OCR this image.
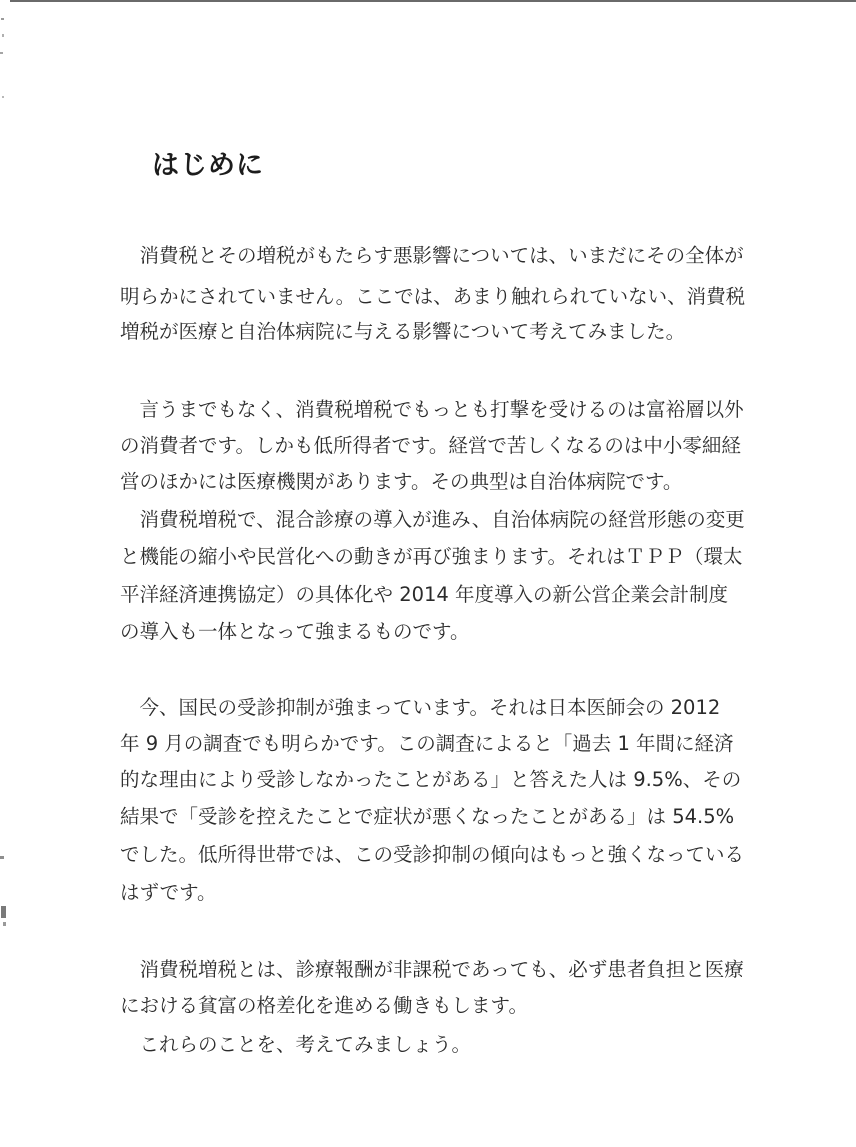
はじめに
　消費税とその増税がもたらす悪影響については、いまだにその全体が
明らかにされていません。ここでは、あまり触れられていない、消費税
増税が医療と自治体病院に与える影響について考えてみました。
　言うまでもなく、消費税増税でもっとも打撃を受けるのは富裕層以外
の消費者です。しかも低所得者です。経営で苦しくなるのは中小零細経
営のほかには医療機関があります。その典型は自治体病院です。
　消費税増税で、混合診療の導入が進み、自治体病院の経営形態の変更
と機能の縮小や民営化への動きが再び強まります。それはＴＰＰ（環太
平洋経済連携協定）の具体化や 2014 年度導入の新公営企業会計制度
の導入も一体となって強まるものです。
　今、国民の受診抑制が強まっています。それは日本医師会の 2012
年 9 月の調査でも明らかです。この調査によると「過去 1 年間に経済
的な理由により受診しなかったことがある」と答えた人は 9.5%、その
結果で「受診を控えたことで症状が悪くなったことがある」は 54.5%
でした。低所得世帯では、この受診抑制の傾向はもっと強くなっている
はずです。
　消費税増税とは、診療報酬が非課税であっても、必ず患者負担と医療
における貧富の格差化を進める働きもします。
　これらのことを、考えてみましょう。
